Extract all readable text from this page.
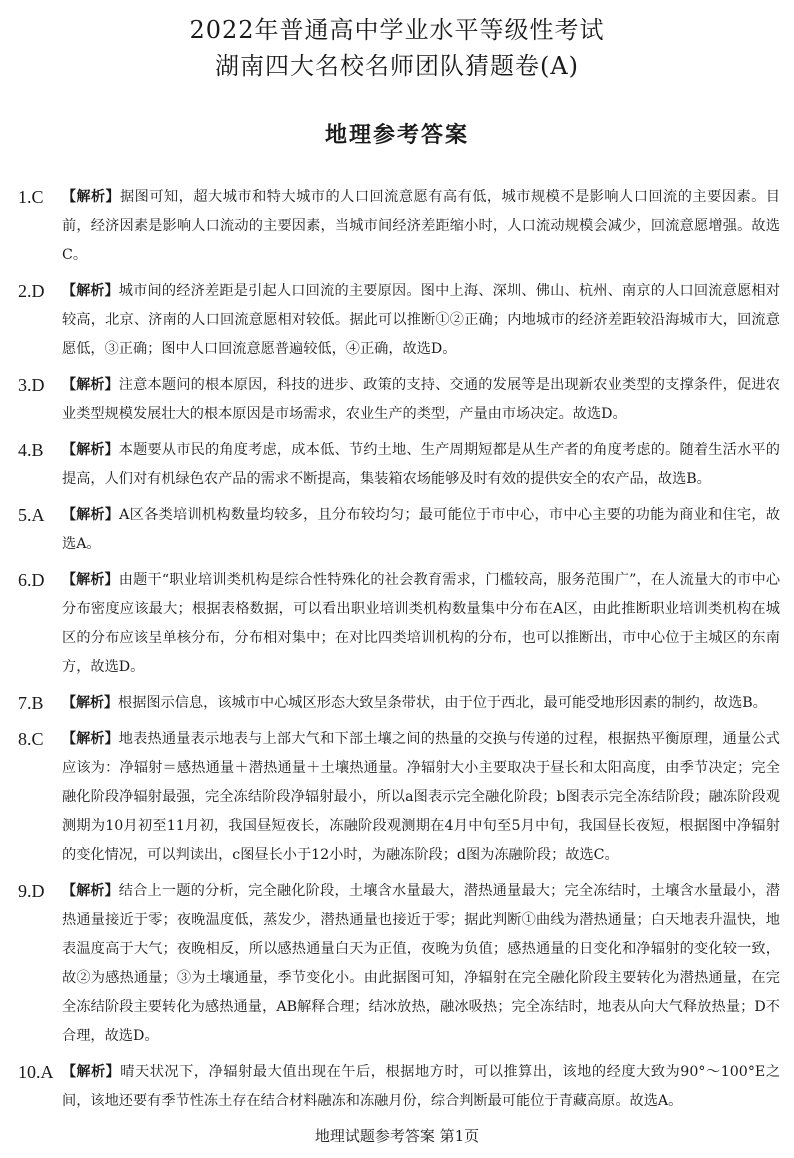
2022年普通高中学业水平等级性考试
湖南四大名校名师团队猜题卷(A)
地理参考答案
1.C 【解析】据图可知，超大城市和特大城市的人口回流意愿有高有低，城市规模不是影响人口回流的主要因素。目前，经济因素是影响人口流动的主要因素，当城市间经济差距缩小时，人口流动规模会减少，回流意愿增强。故选C。
2.D 【解析】城市间的经济差距是引起人口回流的主要原因。图中上海、深圳、佛山、杭州、南京的人口回流意愿相对较高，北京、济南的人口回流意愿相对较低。据此可以推断①②正确；内地城市的经济差距较沿海城市大，回流意愿低，③正确；图中人口回流意愿普遍较低，④正确，故选D。
3.D 【解析】注意本题问的根本原因，科技的进步、政策的支持、交通的发展等是出现新农业类型的支撑条件，促进农业类型规模发展壮大的根本原因是市场需求，农业生产的类型，产量由市场决定。故选D。
4.B 【解析】本题要从市民的角度考虑，成本低、节约土地、生产周期短都是从生产者的角度考虑的。随着生活水平的提高，人们对有机绿色农产品的需求不断提高，集装箱农场能够及时有效的提供安全的农产品，故选B。
5.A 【解析】A区各类培训机构数量均较多，且分布较均匀；最可能位于市中心，市中心主要的功能为商业和住宅，故选A。
6.D 【解析】由题干“职业培训类机构是综合性特殊化的社会教育需求，门槛较高，服务范围广”，在人流量大的市中心分布密度应该最大；根据表格数据，可以看出职业培训类机构数量集中分布在A区，由此推断职业培训类机构在城区的分布应该呈单核分布，分布相对集中；在对比四类培训机构的分布，也可以推断出，市中心位于主城区的东南方，故选D。
7.B 【解析】根据图示信息，该城市中心城区形态大致呈条带状，由于位于西北，最可能受地形因素的制约，故选B。
8.C 【解析】地表热通量表示地表与上部大气和下部土壤之间的热量的交换与传递的过程，根据热平衡原理，通量公式应该为：净辐射＝感热通量＋潜热通量＋土壤热通量。净辐射大小主要取决于昼长和太阳高度，由季节决定；完全融化阶段净辐射最强，完全冻结阶段净辐射最小，所以a图表示完全融化阶段；b图表示完全冻结阶段；融冻阶段观测期为10月初至11月初，我国昼短夜长，冻融阶段观测期在4月中旬至5月中旬，我国昼长夜短，根据图中净辐射的变化情况，可以判读出，c图昼长小于12小时，为融冻阶段；d图为冻融阶段；故选C。
9.D 【解析】结合上一题的分析，完全融化阶段，土壤含水量最大，潜热通量最大；完全冻结时，土壤含水量最小，潜热通量接近于零；夜晚温度低，蒸发少，潜热通量也接近于零；据此判断①曲线为潜热通量；白天地表升温快，地表温度高于大气；夜晚相反，所以感热通量白天为正值，夜晚为负值；感热通量的日变化和净辐射的变化较一致，故②为感热通量；③为土壤通量，季节变化小。由此据图可知，净辐射在完全融化阶段主要转化为潜热通量，在完全冻结阶段主要转化为感热通量，AB解释合理；结冰放热，融冰吸热；完全冻结时，地表从向大气释放热量；D不合理，故选D。
10.A 【解析】晴天状况下，净辐射最大值出现在午后，根据地方时，可以推算出，该地的经度大致为90°～100°E之间，该地还要有季节性冻土存在结合材料融冻和冻融月份，综合判断最可能位于青藏高原。故选A。
地理试题参考答案 第1页
